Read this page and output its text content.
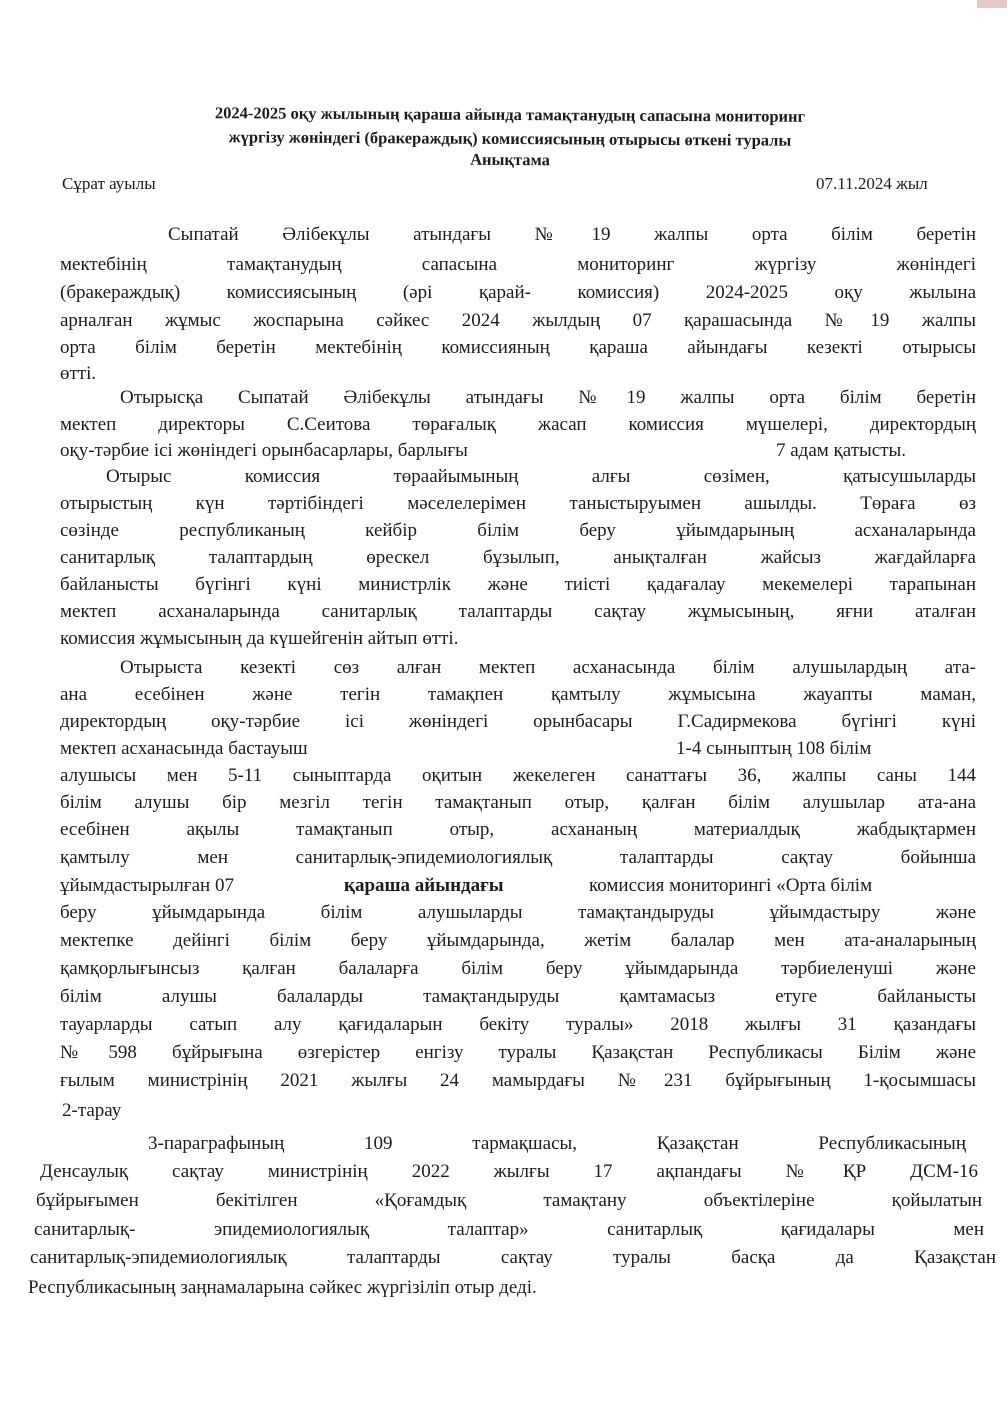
2024-2025 оқу жылының қараша айында тамақтанудың сапасына мониторинг

жүргізу жөніндегі (бракераждық) комиссиясының отырысы өткені туралы

Анықтама

Сұрат ауылы	07.11.2024 жыл
Сыпатай Әлібекұлы атындағы №19 жалпы орта білім беретін
мектебінің тамақтанудың сапасына мониторинг жүргізу жөніндегі
(бракераждық) комиссиясының (әрі қарай- комиссия) 2024-2025 оқу жылына
арналған жұмыс жоспарына сәйкес 2024 жылдың 07 қарашасында №19 жалпы
орта білім беретін мектебінің комиссияның қараша айындағы кезекті отырысы
өтті.
Отырысқа Сыпатай Әлібекұлы атындағы №19 жалпы орта білім беретін
мектеп директоры С.Сеитова төрағалық жасап комиссия мүшелері, директордың
оқу-тәрбие ісі жөніндегі орынбасарлары, барлығы	7 адам қатысты.
Отырыс комиссия төраайымының алғы сөзімен, қатысушыларды
отырыстың күн тәртібіндегі мәселелерімен таныстыруымен ашылды. Төраға өз
сөзінде республиканың кейбір білім беру ұйымдарының асханаларында
санитарлық талаптардың өрескел бұзылып, анықталған жайсыз жағдайларға
байланысты бүгінгі күні министрлік және тиісті қадағалау мекемелері тарапынан
мектеп асханаларында санитарлық талаптарды сақтау жұмысының, яғни аталған
комиссия жұмысының да күшейгенін айтып өтті.
Отырыста кезекті сөз алған мектеп асханасында білім алушылардың ата-
ана есебінен және тегін тамақпен қамтылу жұмысына жауапты маман,
директордың оқу-тәрбие ісі жөніндегі орынбасары Г.Садирмекова бүгінгі күні
мектеп асханасында бастауыш	1-4 сыныптың 108 білім
алушысы мен 5-11 сыныптарда оқитын жекелеген санаттағы 36, жалпы саны 144
білім алушы бір мезгіл тегін тамақтанып отыр, қалған білім алушылар ата-ана
есебінен ақылы тамақтанып отыр, асхананың материалдық жабдықтармен
қамтылу мен санитарлық-эпидемиологиялық талаптарды сақтау бойынша
ұйымдастырылған 07	қараша айындағы	комиссия мониторингі «Орта білім
беру ұйымдарында білім алушыларды тамақтандыруды ұйымдастыру және
мектепке дейінгі білім беру ұйымдарында, жетім балалар мен ата-аналарының
қамқорлығынсыз қалған балаларға білім беру ұйымдарында тәрбиеленуші және
білім алушы балаларды тамақтандыруды қамтамасыз етуге байланысты
тауарларды сатып алу қағидаларын бекіту туралы» 2018 жылғы 31 қазандағы
№598 бұйрығына өзгерістер енгізу туралы Қазақстан Республикасы Білім және
ғылым министрінің 2021 жылғы 24 мамырдағы №231 бұйрығының 1-қосымшасы
2-тарау
3-параграфының 109 тармақшасы, Қазақстан Республикасының
Денсаулық сақтау министрінің 2022 жылғы 17 ақпандағы №ҚР ДСМ-16
бұйрығымен бекітілген «Қоғамдық тамақтану объектілеріне қойылатын
санитарлық- эпидемиологиялық талаптар» санитарлық қағидалары мен
санитарлық-эпидемиологиялық талаптарды сақтау туралы басқа да Қазақстан
Республикасының заңнамаларына сәйкес жүргізіліп отыр деді.
